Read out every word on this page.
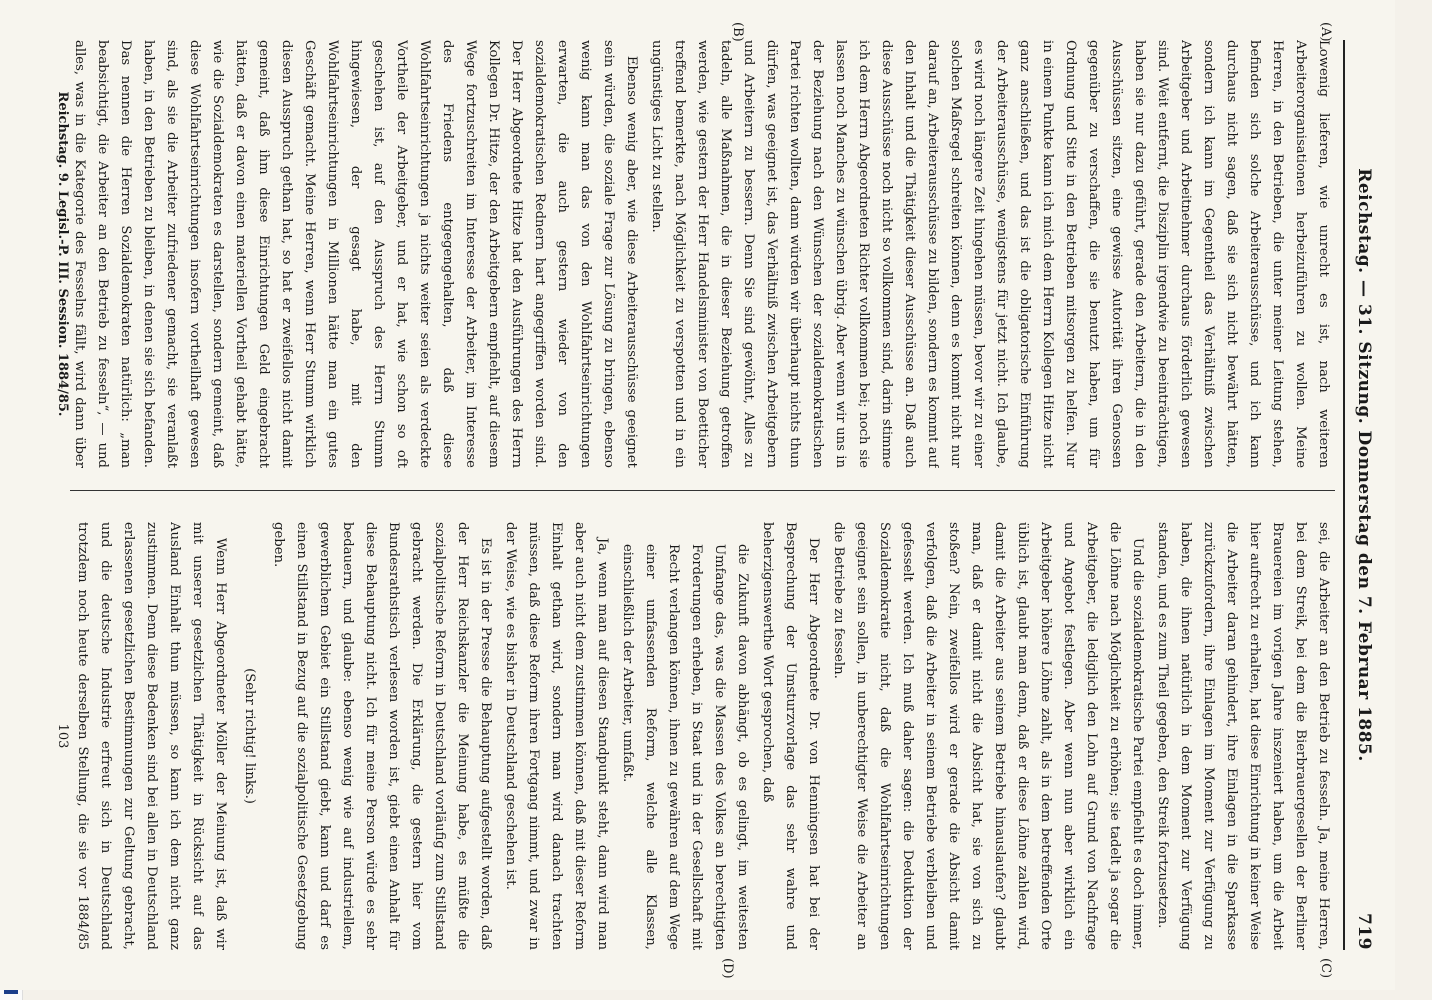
Reichstag. — 31. Sitzung. Donnerstag den 7. Februar 1885.
719
(A)
(B)
(C)
(D)

Lowenig lieferen, wie unrecht es ist, nach weiteren Arbeiterorganisationen herbeizuführen zu wollen. Meine Herren, in den Betrieben, die unter meiner Leitung stehen, befinden sich solche Arbeiterausschüsse, und ich kann durchaus nicht sagen, daß sie sich nicht bewährt hätten, sondern ich kann im Gegentheil das Verhältniß zwischen Arbeitgeber und Arbeitnehmer durchaus förderlich gewesen sind. Weit entfernt, die Disziplin irgendwie zu beeinträchtigen, haben sie nur dazu geführt, gerade den Arbeitern, die in den Ausschüssen sitzen, eine gewisse Autorität ihren Genossen gegenüber zu verschaffen, die sie benutzt haben, um für Ordnung und Sitte in den Betrieben mitsorgen zu helfen. Nur in einem Punkte kann ich mich dem Herrn Kollegen Hitze nicht ganz anschließen, und das ist die obligatorische Einführung der Arbeiterausschüsse, wenigstens für jetzt nicht. Ich glaube, es wird noch längere Zeit hingehen müssen, bevor wir zu einer solchen Maßregel schreiten können, denn es kommt nicht nur darauf an, Arbeiterausschüsse zu bilden, sondern es kommt auf den Inhalt und die Thätigkeit dieser Ausschüsse an. Daß auch diese Ausschüsse noch nicht so vollkommen sind, darin stimme ich dem Herrn Abgeordneten Richter vollkommen bei; noch sie lassen noch Manches zu wünschen übrig. Aber wenn wir uns in der Beziehung nach den Wünschen der sozialdemokratischen Partei richten wollten, dann würden wir überhaupt nichts thun dürfen, was geeignet ist, das Verhältniß zwischen Arbeitgebern und Arbeitern zu bessern. Denn Sie sind gewöhnt, Alles zu tadeln, alle Maßnahmen, die in dieser Beziehung getroffen werden, wie gestern der Herr Handelsminister von Boetticher treffend bemerkte, nach Möglichkeit zu verspotten und in ein ungünstiges Licht zu stellen.

Ebenso wenig aber, wie diese Arbeiterausschüsse geeignet sein würden, die soziale Frage zur Lösung zu bringen, ebenso wenig kann man das von den Wohlfahrtseinrichtungen erwarten, die auch gestern wieder von den sozialdemokratischen Rednern hart angegriffen worden sind. Der Herr Abgeordnete Hitze hat den Ausführungen des Herrn Kollegen Dr. Hitze, der den Arbeitgebern empfiehlt, auf diesem Wege fortzuschreiten im Interesse der Arbeiter, im Interesse des Friedens entgegengehalten, daß diese Wohlfahrtseinrichtungen ja nichts weiter seien als verdeckte Vortheile der Arbeitgeber, und er hat, wie schon so oft geschehen ist, auf den Ausspruch des Herrn Stumm hingewiesen, der gesagt habe, mit den Wohlfahrtseinrichtungen in Millionen hätte man ein gutes Geschäft gemacht. Meine Herren, wenn Herr Stumm wirklich diesen Ausspruch gethan hat, so hat er zweifellos nicht damit gemeint, daß ihm diese Einrichtungen Geld eingebracht hätten, daß er davon einen materiellen Vortheil gehabt hätte, wie die Sozialdemokraten es darstellen, sondern gemeint, daß diese Wohlfahrtseinrichtungen insofern vortheilhaft gewesen sind, als sie die Arbeiter zufriedener gemacht, sie veranlaßt haben, in den Betrieben zu bleiben, in denen sie sich befanden. Das nennen die Herren Sozialdemokraten natürlich: „man beabsichtigt, die Arbeiter an den Betrieb zu fesseln“, — und alles, was in die Kategorie des Fesselns fällt, wird dann über

sei, die Arbeiter an den Betrieb zu fesseln. Ja, meine Herren, bei dem Streik, bei dem die Bierbrauergesellen der Berliner Brauereien im vorigen Jahre inszeniert haben, um die Arbeit hier aufrecht zu erhalten, hat diese Einrichtung in keiner Weise die Arbeiter daran gehindert, ihre Einlagen in die Sparkasse zurückzufordern, ihre Einlagen im Moment zur Verfügung zu haben, die ihnen natürlich in dem Moment zur Verfügung standen, und es zum Theil gegeben, den Streik fortzusetzen.

Und die sozialdemokratische Partei empfiehlt es doch immer, die Löhne nach Möglichkeit zu erhöhen; sie tadelt ja sogar die Arbeitgeber, die lediglich den Lohn auf Grund von Nachfrage und Angebot festlegen. Aber wenn nun aber wirklich ein Arbeitgeber höhere Löhne zahlt, als in dem betreffenden Orte üblich ist, glaubt man denn, daß er diese Löhne zahlen wird, damit die Arbeiter aus seinem Betriebe hinauslaufen? glaubt man, daß er damit nicht die Absicht hat, sie von sich zu stoßen? Nein, zweifellos wird er gerade die Absicht damit verfolgen, daß die Arbeiter in seinem Betriebe verbleiben und gefesselt werden. Ich muß daher sagen: die Deduktion der Sozialdemokratie nicht, daß die Wohlfahrtseinrichtungen geeignet sein sollen, in unberechtigter Weise die Arbeiter an die Betriebe zu fesseln.

Der Herr Abgeordnete Dr. von Henningsen hat bei der Besprechung der Umsturzvorlage das sehr wahre und beherzigenswerthe Wort gesprochen, daß

die Zukunft davon abhängt, ob es gelingt, im weitesten Umfange das, was die Massen des Volkes an berechtigten Forderungen erheben, in Staat und in der Gesellschaft mit Recht verlangen können, ihnen zu gewähren auf dem Wege einer umfassenden Reform, welche alle Klassen, einschließlich der Arbeiter, umfaßt.

Ja, wenn man auf diesen Standpunkt steht, dann wird man aber auch nicht dem zustimmen können, daß mit dieser Reform Einhalt gethan wird, sondern man wird danach trachten müssen, daß diese Reform ihren Fortgang nimmt, und zwar in der Weise, wie es bisher in Deutschland geschehen ist.

Es ist in der Presse die Behauptung aufgestellt worden, daß der Herr Reichskanzler die Meinung habe, es müßte die sozialpolitische Reform in Deutschland vorläufig zum Stillstand gebracht werden. Die Erklärung, die gestern hier vom Bundesrathstisch verlesen worden ist, giebt einen Anhalt für diese Behauptung nicht. Ich für meine Person würde es sehr bedauern, und glaube: ebenso wenig wie auf industriellem, gewerblichem Gebiet ein Stillstand giebt, kann und darf es einen Stillstand in Bezug auf die sozialpolitische Gesetzgebung geben.

(Sehr richtig! links.)

Wenn Herr Abgeordneter Möller der Meinung ist, daß wir mit unserer gesetzlichen Thätigkeit in Rücksicht auf das Ausland Einhalt thun müssen, so kann ich dem nicht ganz zustimmen. Denn diese Bedenken sind bei allen in Deutschland erlassenen gesetzlichen Bestimmungen zur Geltung gebracht, und die deutsche Industrie erfreut sich in Deutschland trotzdem noch heute derselben Stellung, die sie vor 1884/85

Reichstag. 9. Legisl.-P. III. Session. 1884/85.
103
